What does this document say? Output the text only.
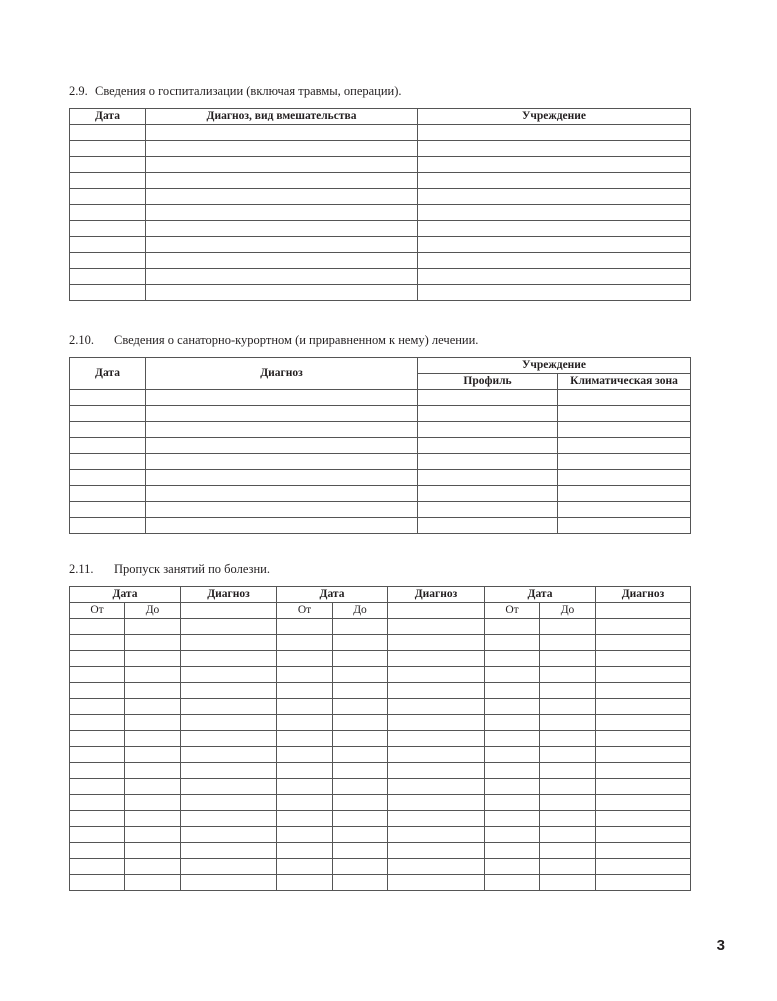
2.9. Сведения о госпитализации (включая травмы, операции).
Дата	Диагноз, вид вмешательства	Учреждение

2.10. Сведения о санаторно-курортном (и приравненном к нему) лечении.
Дата	Диагноз	Учреждение	
		Профиль	Климатическая зона

2.11. Пропуск занятий по болезни.
Дата		Диагноз	Дата		Диагноз	Дата		Диагноз
От	До		От	До		От	До	

3
